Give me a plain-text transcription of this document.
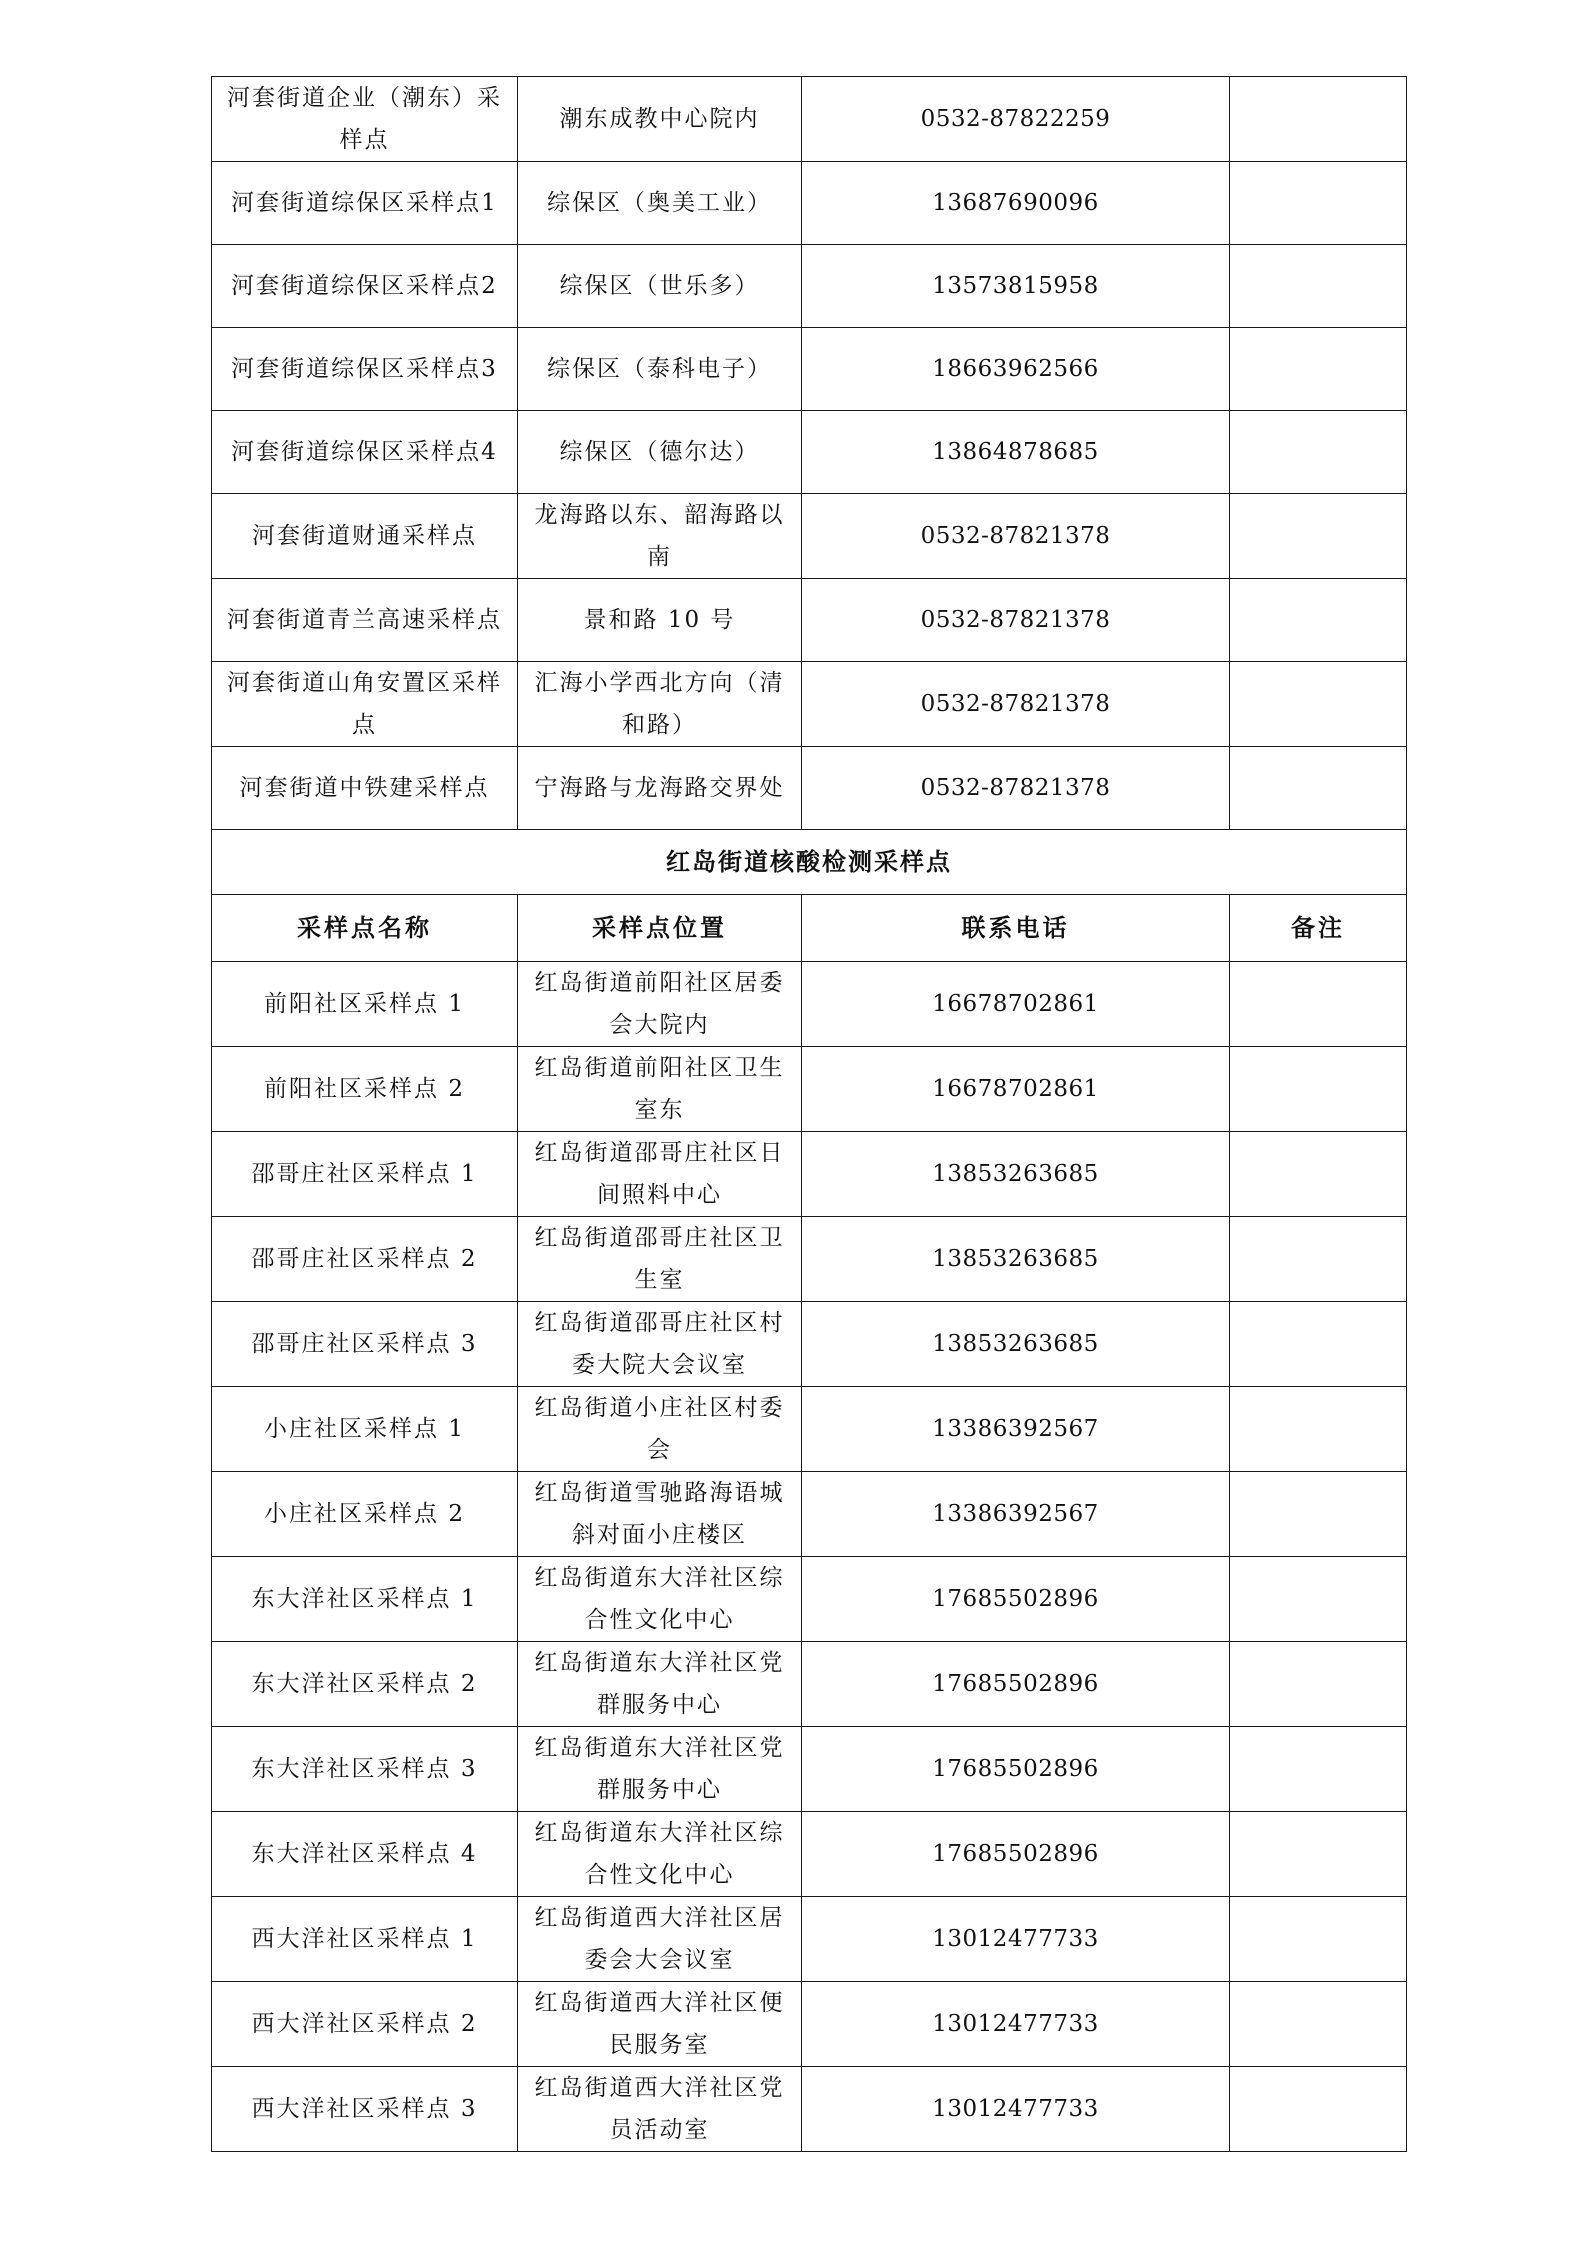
河套街道企业（潮东）采样点	潮东成教中心院内	0532-87822259	
河套街道综保区采样点1	综保区（奥美工业）	13687690096	
河套街道综保区采样点2	综保区（世乐多）	13573815958	
河套街道综保区采样点3	综保区（泰科电子）	18663962566	
河套街道综保区采样点4	综保区（德尔达）	13864878685	
河套街道财通采样点	龙海路以东、韶海路以南	0532-87821378	
河套街道青兰高速采样点	景和路 10 号	0532-87821378	
河套街道山角安置区采样点	汇海小学西北方向（清和路）	0532-87821378	
河套街道中铁建采样点	宁海路与龙海路交界处	0532-87821378	
红岛街道核酸检测采样点			
采样点名称	采样点位置	联系电话	备注
前阳社区采样点 1	红岛街道前阳社区居委会大院内	16678702861	
前阳社区采样点 2	红岛街道前阳社区卫生室东	16678702861	
邵哥庄社区采样点 1	红岛街道邵哥庄社区日间照料中心	13853263685	
邵哥庄社区采样点 2	红岛街道邵哥庄社区卫生室	13853263685	
邵哥庄社区采样点 3	红岛街道邵哥庄社区村委大院大会议室	13853263685	
小庄社区采样点 1	红岛街道小庄社区村委会	13386392567	
小庄社区采样点 2	红岛街道雪驰路海语城斜对面小庄楼区	13386392567	
东大洋社区采样点 1	红岛街道东大洋社区综合性文化中心	17685502896	
东大洋社区采样点 2	红岛街道东大洋社区党群服务中心	17685502896	
东大洋社区采样点 3	红岛街道东大洋社区党群服务中心	17685502896	
东大洋社区采样点 4	红岛街道东大洋社区综合性文化中心	17685502896	
西大洋社区采样点 1	红岛街道西大洋社区居委会大会议室	13012477733	
西大洋社区采样点 2	红岛街道西大洋社区便民服务室	13012477733	
西大洋社区采样点 3	红岛街道西大洋社区党员活动室	13012477733	
